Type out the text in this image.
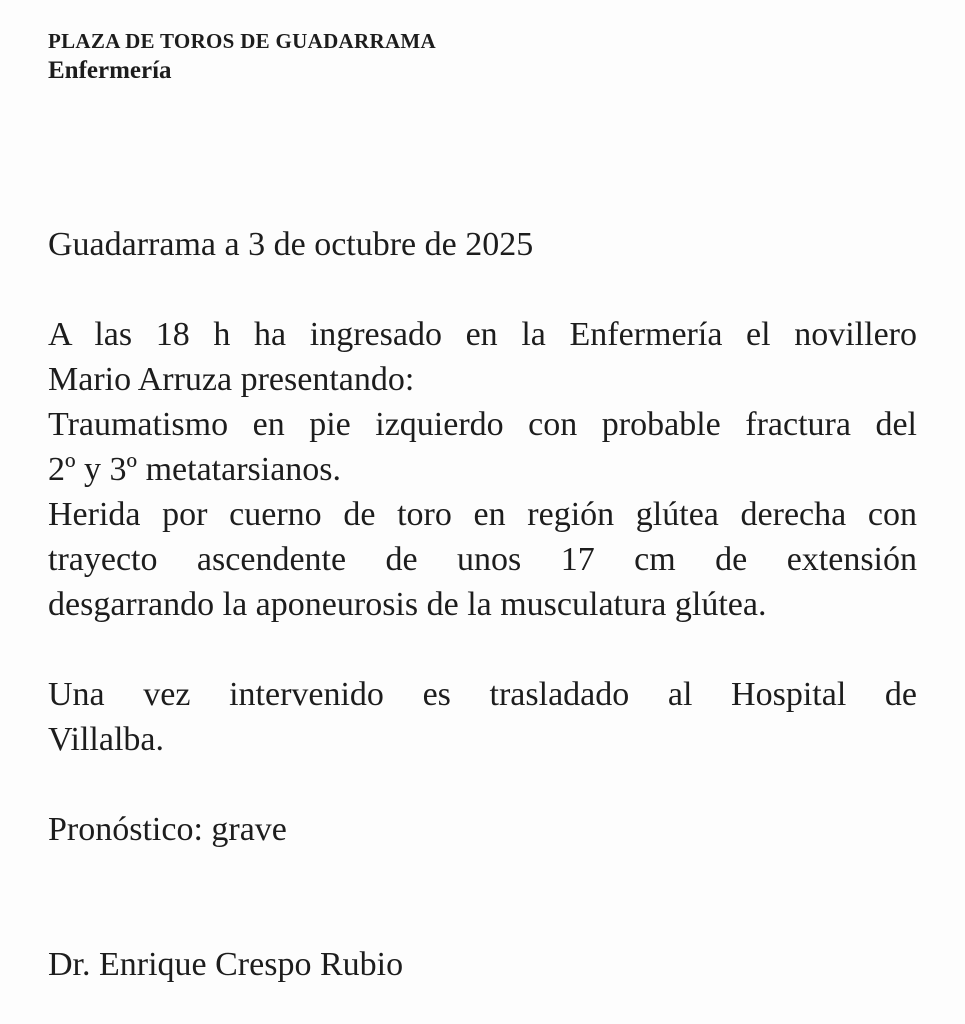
PLAZA DE TOROS DE GUADARRAMA
Enfermería

Guadarrama a 3 de octubre de 2025

A las 18 h ha ingresado en la Enfermería el novillero
Mario Arruza presentando:
Traumatismo en pie izquierdo con probable fractura del
2º y 3º metatarsianos.
Herida por cuerno de toro en región glútea derecha con
trayecto ascendente de unos 17 cm de extensión
desgarrando la aponeurosis de la musculatura glútea.
Una vez intervenido es trasladado al Hospital de
Villalba.

Pronóstico: grave

Dr. Enrique Crespo Rubio
